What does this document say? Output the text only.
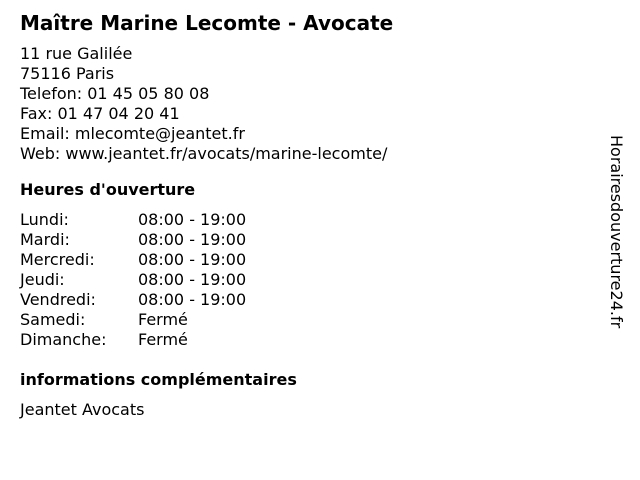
Maître Marine Lecomte - Avocate
11 rue Galilée
75116 Paris
Telefon: 01 45 05 80 08
Fax: 01 47 04 20 41
Email: mlecomte@jeantet.fr
Web: www.jeantet.fr/avocats/marine-lecomte/
Heures d'ouverture
Lundi:	08:00 - 19:00
Mardi:	08:00 - 19:00
Mercredi:	08:00 - 19:00
Jeudi:	08:00 - 19:00
Vendredi:	08:00 - 19:00
Samedi:	Fermé
Dimanche:	Fermé
informations complémentaires
Jeantet Avocats
Horairesdouverture24.fr
